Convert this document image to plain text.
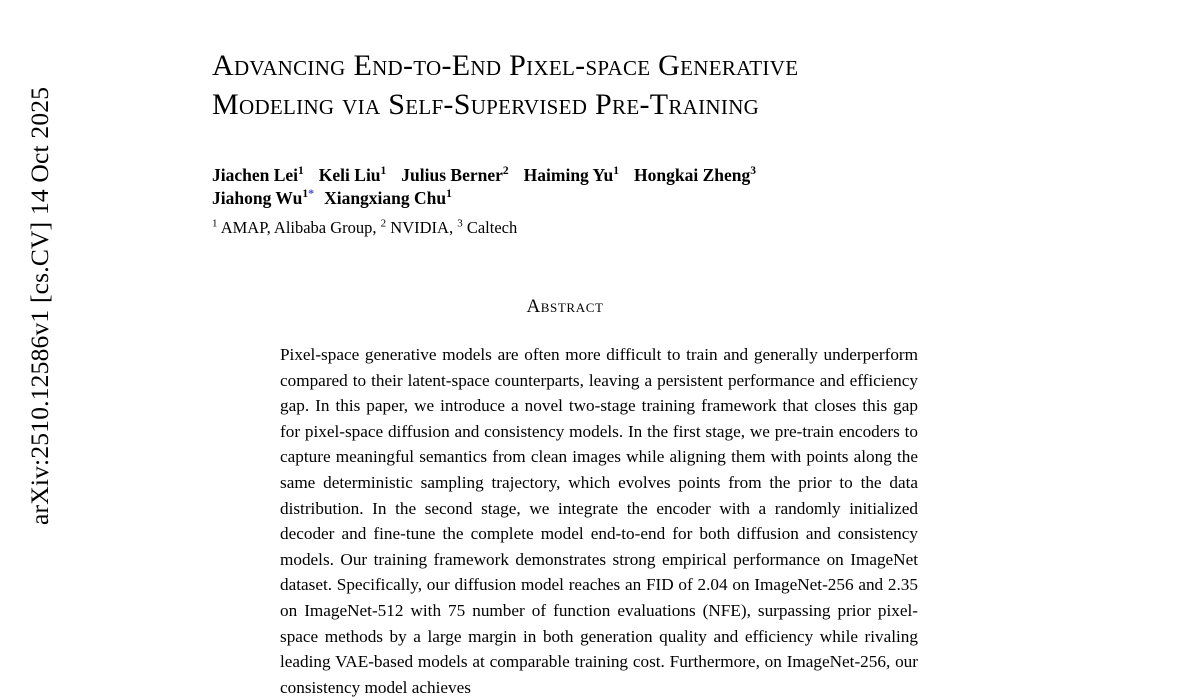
arXiv:2510.12586v1 [cs.CV] 14 Oct 2025
Advancing End-to-End Pixel-space Generative
Modeling via Self-Supervised Pre-Training
Jiachen Lei$^1$ Keli Liu$^1$ Julius Berner$^2$ Haiming Yu$^1$ Hongkai Zheng$^3$
Jiahong $Wu^{1*}$ Xiangxiang Chu$^1$
$^1$ AMAP, Alibaba Group, $^2$ NVIDIA, $^3$ Caltech
Abstract

Pixel-space generative models are often more difficult to train and generally underperform compared to their latent-space counterparts, leaving a persistent performance and efficiency gap. In this paper, we introduce a novel two-stage training framework that closes this gap for pixel-space diffusion and consistency models. In the first stage, we pre-train encoders to capture meaningful semantics from clean images while aligning them with points along the same deterministic sampling trajectory, which evolves points from the prior to the data distribution. In the second stage, we integrate the encoder with a randomly initialized decoder and fine-tune the complete model end-to-end for both diffusion and consistency models. Our training framework demonstrates strong empirical performance on ImageNet dataset. Specifically, our diffusion model reaches an FID of 2.04 on ImageNet-256 and 2.35 on ImageNet-512 with 75 number of function evaluations (NFE), surpassing prior pixel-space methods by a large margin in both generation quality and efficiency while rivaling leading VAE-based models at comparable training cost. Furthermore, on ImageNet-256, our consistency model achieves
